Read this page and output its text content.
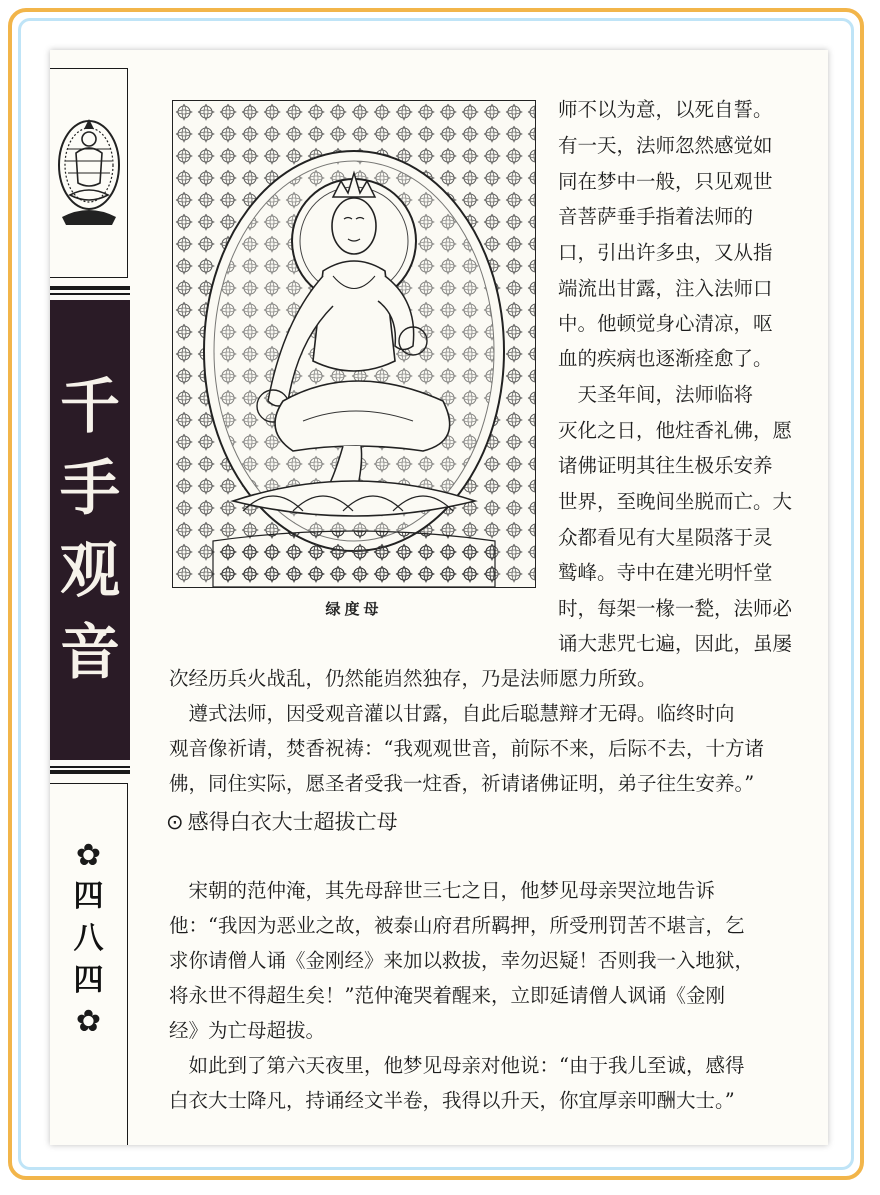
千
手
观
音
✿
四
八
四
✿
绿度母
师不以为意，以死自誓。
有一天，法师忽然感觉如
同在梦中一般，只见观世
音菩萨垂手指着法师的
口，引出许多虫，又从指
端流出甘露，注入法师口
中。他顿觉身心清凉，呕
血的疾病也逐渐痊愈了。
　天圣年间，法师临将
灭化之日，他炷香礼佛，愿
诸佛证明其往生极乐安养
世界，至晚间坐脱而亡。大
众都看见有大星陨落于灵
鹫峰。寺中在建光明忏堂
时，每架一椽一甃，法师必
诵大悲咒七遍，因此，虽屡
次经历兵火战乱，仍然能岿然独存，乃是法师愿力所致。
　遵式法师，因受观音灌以甘露，自此后聪慧辩才无碍。临终时向
观音像祈请，焚香祝祷：“我观观世音，前际不来，后际不去，十方诸
佛，同住实际，愿圣者受我一炷香，祈请诸佛证明，弟子往生安养。”
⊙ 感得白衣大士超拔亡母
　宋朝的范仲淹，其先母辞世三七之日，他梦见母亲哭泣地告诉
他：“我因为恶业之故，被泰山府君所羁押，所受刑罚苦不堪言，乞
求你请僧人诵《金刚经》来加以救拔，幸勿迟疑！否则我一入地狱，
将永世不得超生矣！”范仲淹哭着醒来，立即延请僧人讽诵《金刚
经》为亡母超拔。
　如此到了第六天夜里，他梦见母亲对他说：“由于我儿至诚，感得
白衣大士降凡，持诵经文半卷，我得以升天，你宜厚亲叩酬大士。”
